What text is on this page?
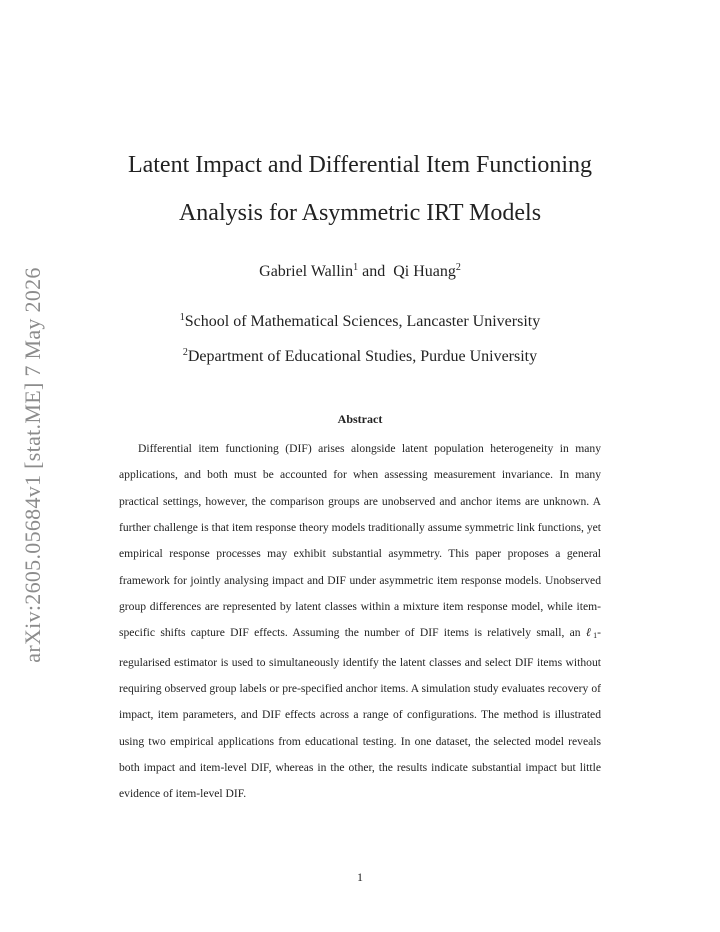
arXiv:2605.05684v1 [stat.ME] 7 May 2026
Latent Impact and Differential Item Functioning
Analysis for Asymmetric IRT Models
Gabriel Wallin$^1$ and Qi Huang$^2$
$^1$School of Mathematical Sciences, Lancaster University
$^2$Department of Educational Studies, Purdue University
Abstract

Differential item functioning (DIF) arises alongside latent population heterogeneity in many applications, and both must be accounted for when assessing measurement invariance. In many practical settings, however, the comparison groups are unobserved and anchor items are unknown. A further challenge is that item response theory models traditionally assume symmetric link functions, yet empirical response processes may exhibit substantial asymmetry. This paper proposes a general framework for jointly analysing impact and DIF under asymmetric item response models. Unobserved group differences are represented by latent classes within a mixture item response model, while item-specific shifts capture DIF effects. Assuming the number of DIF items is relatively small, an ℓ$_1$-regularised estimator is used to simultaneously identify the latent classes and select DIF items without requiring observed group labels or pre-specified anchor items. A simulation study evaluates recovery of impact, item parameters, and DIF effects across a range of configurations. The method is illustrated using two empirical applications from educational testing. In one dataset, the selected model reveals both impact and item-level DIF, whereas in the other, the results indicate substantial impact but little evidence of item-level DIF.

1
